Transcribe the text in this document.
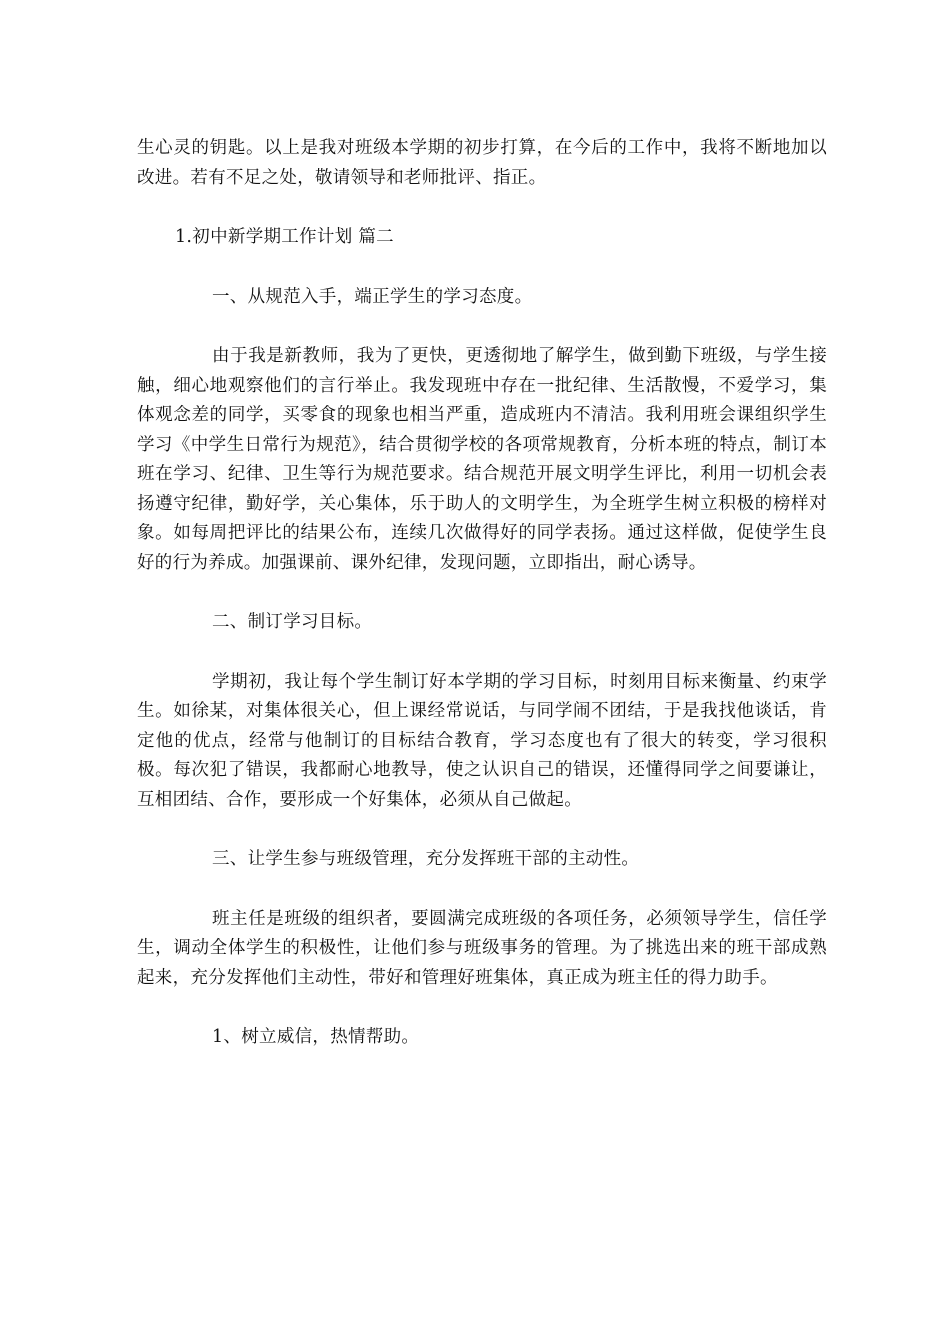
生心灵的钥匙。以上是我对班级本学期的初步打算，在今后的工作中，我将不断地加以改进。若有不足之处，敬请领导和老师批评、指正。

1.初中新学期工作计划 篇二

一、从规范入手，端正学生的学习态度。

由于我是新教师，我为了更快，更透彻地了解学生，做到勤下班级，与学生接触，细心地观察他们的言行举止。我发现班中存在一批纪律、生活散慢，不爱学习，集体观念差的同学，买零食的现象也相当严重，造成班内不清洁。我利用班会课组织学生学习《中学生日常行为规范》，结合贯彻学校的各项常规教育，分析本班的特点，制订本班在学习、纪律、卫生等行为规范要求。结合规范开展文明学生评比，利用一切机会表扬遵守纪律，勤好学，关心集体，乐于助人的文明学生，为全班学生树立积极的榜样对象。如每周把评比的结果公布，连续几次做得好的同学表扬。通过这样做，促使学生良好的行为养成。加强课前、课外纪律，发现问题，立即指出，耐心诱导。

二、制订学习目标。

学期初，我让每个学生制订好本学期的学习目标，时刻用目标来衡量、约束学生。如徐某，对集体很关心，但上课经常说话，与同学闹不团结，于是我找他谈话，肯定他的优点，经常与他制订的目标结合教育，学习态度也有了很大的转变，学习很积极。每次犯了错误，我都耐心地教导，使之认识自己的错误，还懂得同学之间要谦让，互相团结、合作，要形成一个好集体，必须从自己做起。

三、让学生参与班级管理，充分发挥班干部的主动性。

班主任是班级的组织者，要圆满完成班级的各项任务，必须领导学生，信任学生，调动全体学生的积极性，让他们参与班级事务的管理。为了挑选出来的班干部成熟起来，充分发挥他们主动性，带好和管理好班集体，真正成为班主任的得力助手。

1、树立威信，热情帮助。
